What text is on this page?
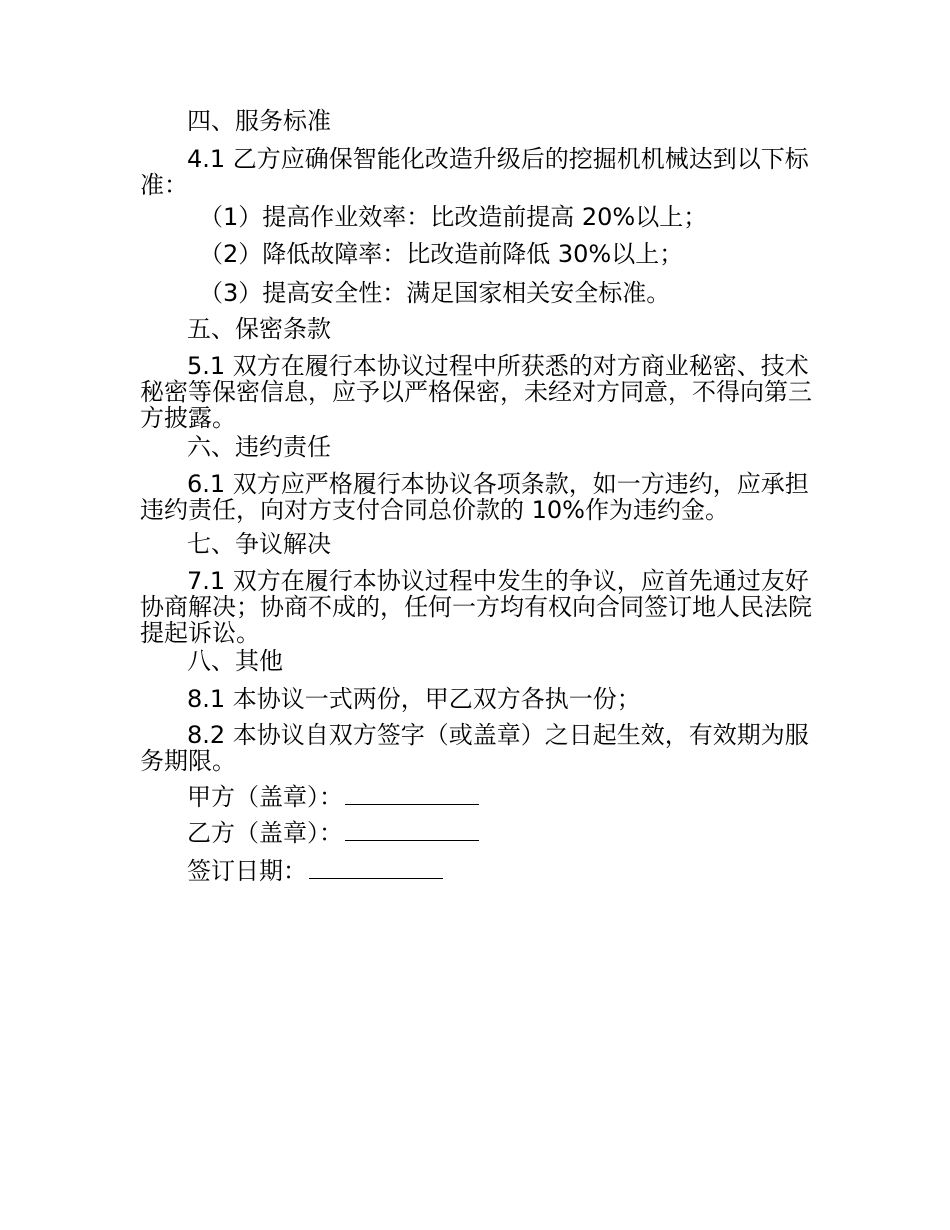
四、服务标准
4.1 乙方应确保智能化改造升级后的挖掘机机械达到以下标准：
（1）提高作业效率：比改造前提高 20%以上；
（2）降低故障率：比改造前降低 30%以上；
（3）提高安全性：满足国家相关安全标准。
五、保密条款
5.1 双方在履行本协议过程中所获悉的对方商业秘密、技术秘密等保密信息，应予以严格保密，未经对方同意，不得向第三方披露。
六、违约责任
6.1 双方应严格履行本协议各项条款，如一方违约，应承担违约责任，向对方支付合同总价款的 10%作为违约金。
七、争议解决
7.1 双方在履行本协议过程中发生的争议，应首先通过友好协商解决；协商不成的，任何一方均有权向合同签订地人民法院提起诉讼。
八、其他
8.1 本协议一式两份，甲乙双方各执一份；
8.2 本协议自双方签字（或盖章）之日起生效，有效期为服务期限。
甲方（盖章）：
乙方（盖章）：
签订日期：
